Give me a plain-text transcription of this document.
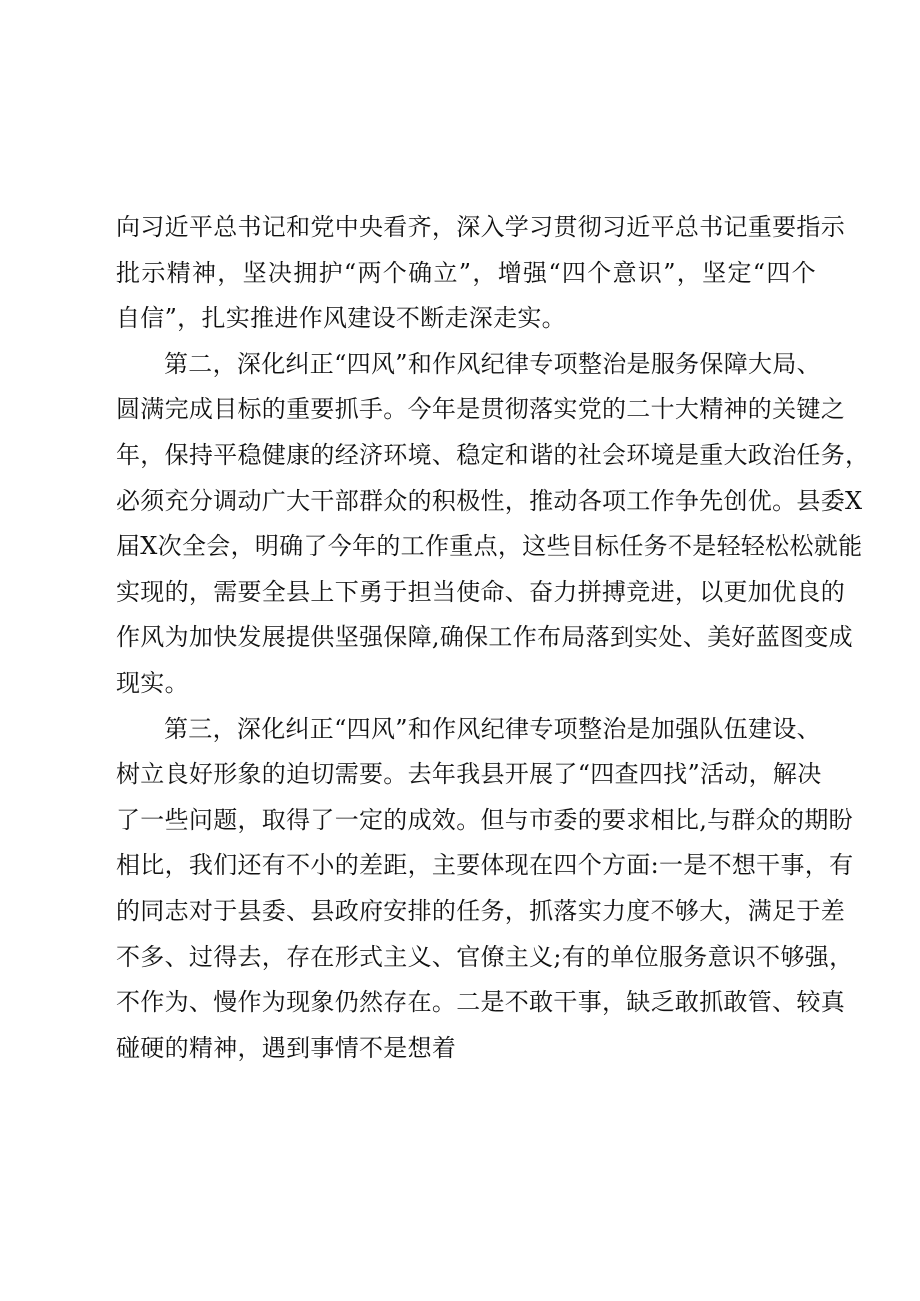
向习近平总书记和党中央看齐，深入学习贯彻习近平总书记重要指示
批示精神，坚决拥护“两个确立”，增强“四个意识”，坚定“四个
自信”，扎实推进作风建设不断走深走实。

第二，深化纠正“四风”和作风纪律专项整治是服务保障大局、
圆满完成目标的重要抓手。今年是贯彻落实党的二十大精神的关键之
年，保持平稳健康的经济环境、稳定和谐的社会环境是重大政治任务，
必须充分调动广大干部群众的积极性，推动各项工作争先创优。县委X
届X次全会，明确了今年的工作重点，这些目标任务不是轻轻松松就能
实现的，需要全县上下勇于担当使命、奋力拼搏竞进，以更加优良的
作风为加快发展提供坚强保障,确保工作布局落到实处、美好蓝图变成
现实。

第三，深化纠正“四风”和作风纪律专项整治是加强队伍建设、
树立良好形象的迫切需要。去年我县开展了“四查四找”活动，解决
了一些问题，取得了一定的成效。但与市委的要求相比,与群众的期盼
相比，我们还有不小的差距，主要体现在四个方面:一是不想干事，有
的同志对于县委、县政府安排的任务，抓落实力度不够大，满足于差
不多、过得去，存在形式主义、官僚主义;有的单位服务意识不够强，
不作为、慢作为现象仍然存在。二是不敢干事，缺乏敢抓敢管、较真
碰硬的精神，遇到事情不是想着
